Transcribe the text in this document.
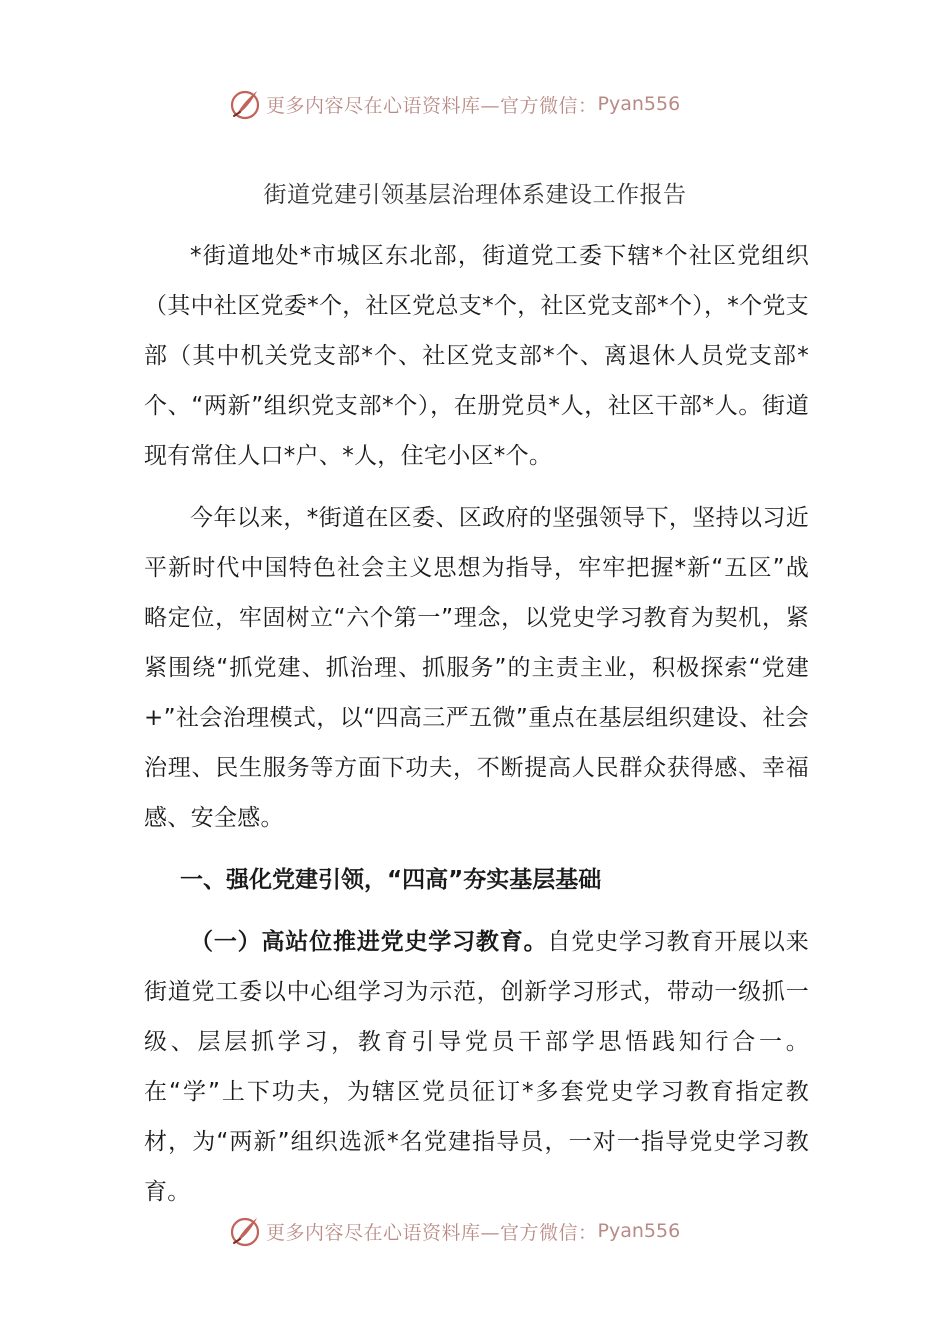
更多内容尽在心语资料库—官方微信： Pyan556
街道党建引领基层治理体系建设工作报告

*街道地处*市城区东北部，街道党工委下辖*个社区党组织（其中社区党委*个，社区党总支*个，社区党支部*个），*个党支部（其中机关党支部*个、社区党支部*个、离退休人员党支部*个、“两新”组织党支部*个），在册党员*人，社区干部*人。街道现有常住人口*户、*人，住宅小区*个。

今年以来，*街道在区委、区政府的坚强领导下，坚持以习近平新时代中国特色社会主义思想为指导，牢牢把握*新“五区”战略定位，牢固树立“六个第一”理念，以党史学习教育为契机，紧紧围绕“抓党建、抓治理、抓服务”的主责主业，积极探索“党建+”社会治理模式，以“四高三严五微”重点在基层组织建设、社会治理、民生服务等方面下功夫，不断提高人民群众获得感、幸福感、安全感。

一、强化党建引领，“四高”夯实基层基础

（一）高站位推进党史学习教育。自党史学习教育开展以来街道党工委以中心组学习为示范，创新学习形式，带动一级抓一级、层层抓学习，教育引导党员干部学思悟践知行合一。在“学”上下功夫，为辖区党员征订*多套党史学习教育指定教材，为“两新”组织选派*名党建指导员，一对一指导党史学习教育。

更多内容尽在心语资料库—官方微信： Pyan556
